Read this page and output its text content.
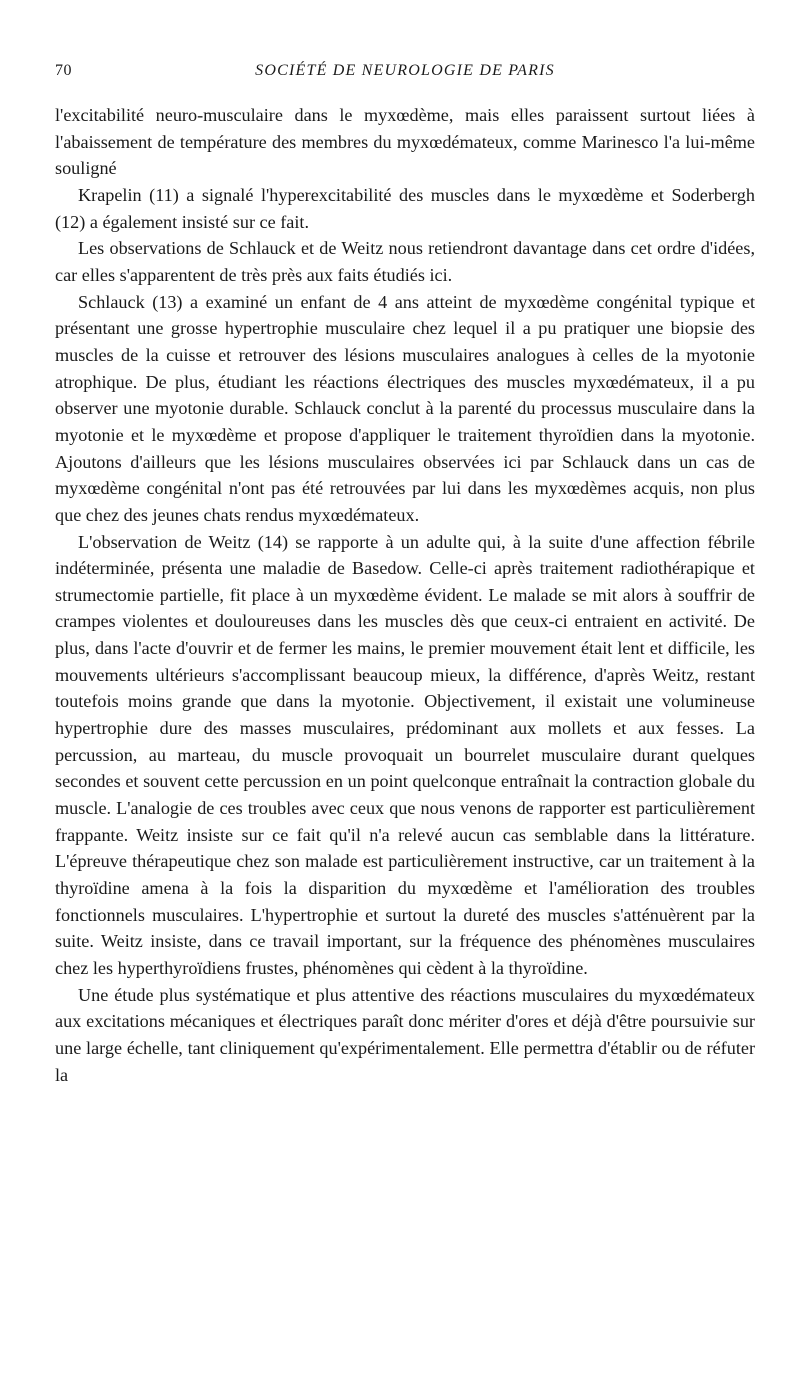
70	SOCIÉTÉ DE NEUROLOGIE DE PARIS

l'excitabilité neuro-musculaire dans le myxœdème, mais elles paraissent surtout liées à l'abaissement de température des membres du myxœdémateux, comme Marinesco l'a lui-même souligné

Krapelin (11) a signalé l'hyperexcitabilité des muscles dans le myxœdème et Soderbergh (12) a également insisté sur ce fait.

Les observations de Schlauck et de Weitz nous retiendront davantage dans cet ordre d'idées, car elles s'apparentent de très près aux faits étudiés ici.

Schlauck (13) a examiné un enfant de 4 ans atteint de myxœdème congénital typique et présentant une grosse hypertrophie musculaire chez lequel il a pu pratiquer une biopsie des muscles de la cuisse et retrouver des lésions musculaires analogues à celles de la myotonie atrophique. De plus, étudiant les réactions électriques des muscles myxœdémateux, il a pu observer une myotonie durable. Schlauck conclut à la parenté du processus musculaire dans la myotonie et le myxœdème et propose d'appliquer le traitement thyroïdien dans la myotonie. Ajoutons d'ailleurs que les lésions musculaires observées ici par Schlauck dans un cas de myxœdème congénital n'ont pas été retrouvées par lui dans les myxœdèmes acquis, non plus que chez des jeunes chats rendus myxœdémateux.

L'observation de Weitz (14) se rapporte à un adulte qui, à la suite d'une affection fébrile indéterminée, présenta une maladie de Basedow. Celle-ci après traitement radiothérapique et strumectomie partielle, fit place à un myxœdème évident. Le malade se mit alors à souffrir de crampes violentes et douloureuses dans les muscles dès que ceux-ci entraient en activité. De plus, dans l'acte d'ouvrir et de fermer les mains, le premier mouvement était lent et difficile, les mouvements ultérieurs s'accomplissant beaucoup mieux, la différence, d'après Weitz, restant toutefois moins grande que dans la myotonie. Objectivement, il existait une volumineuse hypertrophie dure des masses musculaires, prédominant aux mollets et aux fesses. La percussion, au marteau, du muscle provoquait un bourrelet musculaire durant quelques secondes et souvent cette percussion en un point quelconque entraînait la contraction globale du muscle. L'analogie de ces troubles avec ceux que nous venons de rapporter est particulièrement frappante. Weitz insiste sur ce fait qu'il n'a relevé aucun cas semblable dans la littérature. L'épreuve thérapeutique chez son malade est particulièrement instructive, car un traitement à la thyroïdine amena à la fois la disparition du myxœdème et l'amélioration des troubles fonctionnels musculaires. L'hypertrophie et surtout la dureté des muscles s'atténuèrent par la suite. Weitz insiste, dans ce travail important, sur la fréquence des phénomènes musculaires chez les hyperthyroïdiens frustes, phénomènes qui cèdent à la thyroïdine.

Une étude plus systématique et plus attentive des réactions musculaires du myxœdémateux aux excitations mécaniques et électriques paraît donc mériter d'ores et déjà d'être poursuivie sur une large échelle, tant cliniquement qu'expérimentalement. Elle permettra d'établir ou de réfuter la
